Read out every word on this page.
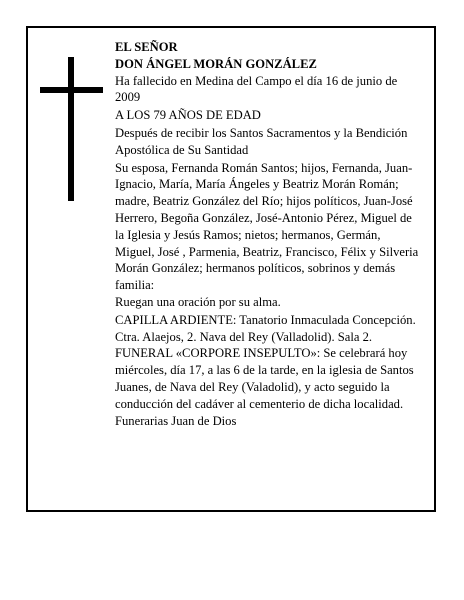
EL SEÑOR

DON ÁNGEL MORÁN GONZÁLEZ

Ha fallecido en Medina del Campo el día 16 de junio de 2009

A LOS 79 AÑOS DE EDAD

Después de recibir los Santos Sacramentos y la Bendición Apostólica de Su Santidad

Su esposa, Fernanda Román Santos; hijos, Fernanda, Juan-Ignacio, María, María Ángeles y Beatriz Morán Román; madre, Beatriz González del Río; hijos políticos, Juan-José Herrero, Begoña González, José-Antonio Pérez, Miguel de la Iglesia y Jesús Ramos; nietos; hermanos, Germán, Miguel, José , Parmenia, Beatriz, Francisco, Félix y Silveria Morán González; hermanos políticos, sobrinos y demás familia:

Ruegan una oración por su alma.

CAPILLA ARDIENTE: Tanatorio Inmaculada Concepción. Ctra. Alaejos, 2. Nava del Rey (Valladolid). Sala 2.

FUNERAL «CORPORE INSEPULTO»: Se celebrará hoy miércoles, día 17, a las 6 de la tarde, en la iglesia de Santos Juanes, de Nava del Rey (Valadolid), y acto seguido la conducción del cadáver al cementerio de dicha localidad.

Funerarias Juan de Dios
